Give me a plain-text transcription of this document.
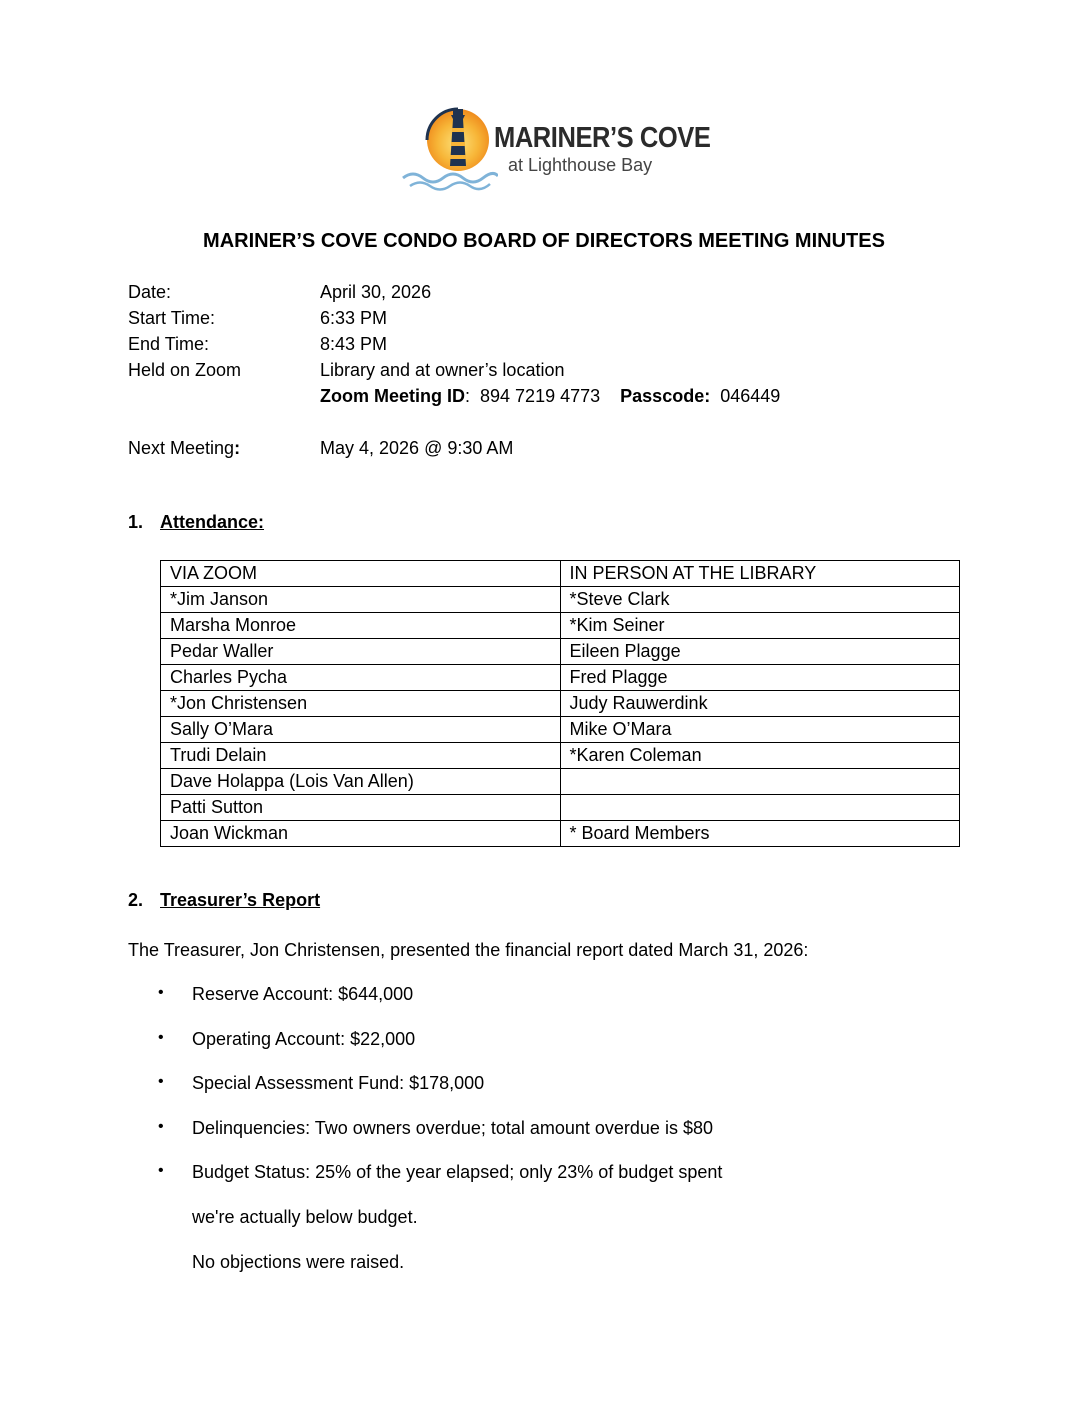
MARINER’S COVE
at Lighthouse Bay
MARINER’S COVE CONDO BOARD OF DIRECTORS MEETING MINUTES
Date:	April 30, 2026
Start Time:	6:33 PM
End Time:	8:43 PM
Held on Zoom	Library and at owner’s location
Zoom Meeting ID:  894 7219 4773 Passcode: 046449
Next Meeting:	May 4, 2026 @ 9:30 AM
1. Attendance:
VIA ZOOM	IN PERSON AT THE LIBRARY
*Jim Janson	*Steve Clark
Marsha Monroe	*Kim Seiner
Pedar Waller	Eileen Plagge
Charles Pycha	Fred Plagge
*Jon Christensen	Judy Rauwerdink
Sally O’Mara	Mike O’Mara
Trudi Delain	*Karen Coleman
Dave Holappa (Lois Van Allen)	
Patti Sutton	
Joan Wickman	* Board Members
2. Treasurer’s Report
The Treasurer, Jon Christensen, presented the financial report dated March 31, 2026:
• Reserve Account: $644,000
• Operating Account: $22,000
• Special Assessment Fund: $178,000
• Delinquencies: Two owners overdue; total amount overdue is $80
• Budget Status: 25% of the year elapsed; only 23% of budget spent
we're actually below budget.
No objections were raised.
